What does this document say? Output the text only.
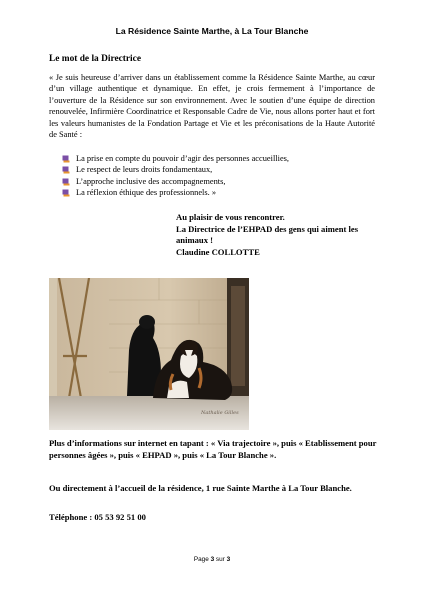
La Résidence Sainte Marthe, à La Tour Blanche
Le mot de la Directrice
« Je suis heureuse d’arriver dans un établissement comme la Résidence Sainte Marthe, au cœur d’un village authentique et dynamique. En effet, je crois fermement à l’importance de l’ouverture de la Résidence sur son environnement. Avec le soutien d’une équipe de direction renouvelée, Infirmière Coordinatrice et Responsable Cadre de Vie, nous allons porter haut et fort les valeurs humanistes de la Fondation Partage et Vie et les préconisations de la Haute Autorité de Santé :
La prise en compte du pouvoir d’agir des personnes accueillies,
Le respect de leurs droits fondamentaux,
L’approche inclusive des accompagnements,
La réflexion éthique des professionnels. »
Au plaisir de vous rencontrer.
La Directrice de l’EHPAD des gens qui aiment les animaux !
Claudine COLLOTTE
Nathalie Gilles
Plus d’informations sur internet en tapant : « Via trajectoire », puis « Etablissement pour personnes âgées », puis « EHPAD », puis « La Tour Blanche ».
Ou directement à l’accueil de la résidence, 1 rue Sainte Marthe à La Tour Blanche.
Téléphone : 05 53 92 51 00
Page 3 sur 3
